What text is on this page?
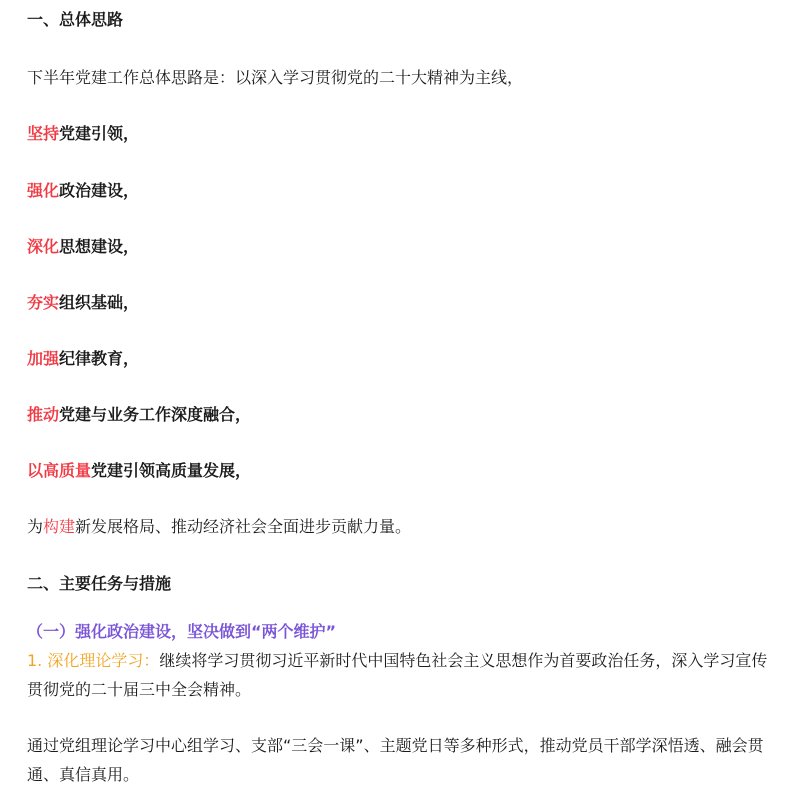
一、总体思路
下半年党建工作总体思路是：以深入学习贯彻党的二十大精神为主线，
坚持党建引领，
强化政治建设，
深化思想建设，
夯实组织基础，
加强纪律教育，
推动党建与业务工作深度融合，
以高质量党建引领高质量发展，
为构建新发展格局、推动经济社会全面进步贡献力量。
二、主要任务与措施
（一）强化政治建设，坚决做到“两个维护”
1. 深化理论学习：继续将学习贯彻习近平新时代中国特色社会主义思想作为首要政治任务，深入学习宣传贯彻党的二十届三中全会精神。
通过党组理论学习中心组学习、支部“三会一课”、主题党日等多种形式，推动党员干部学深悟透、融会贯通、真信真用。
